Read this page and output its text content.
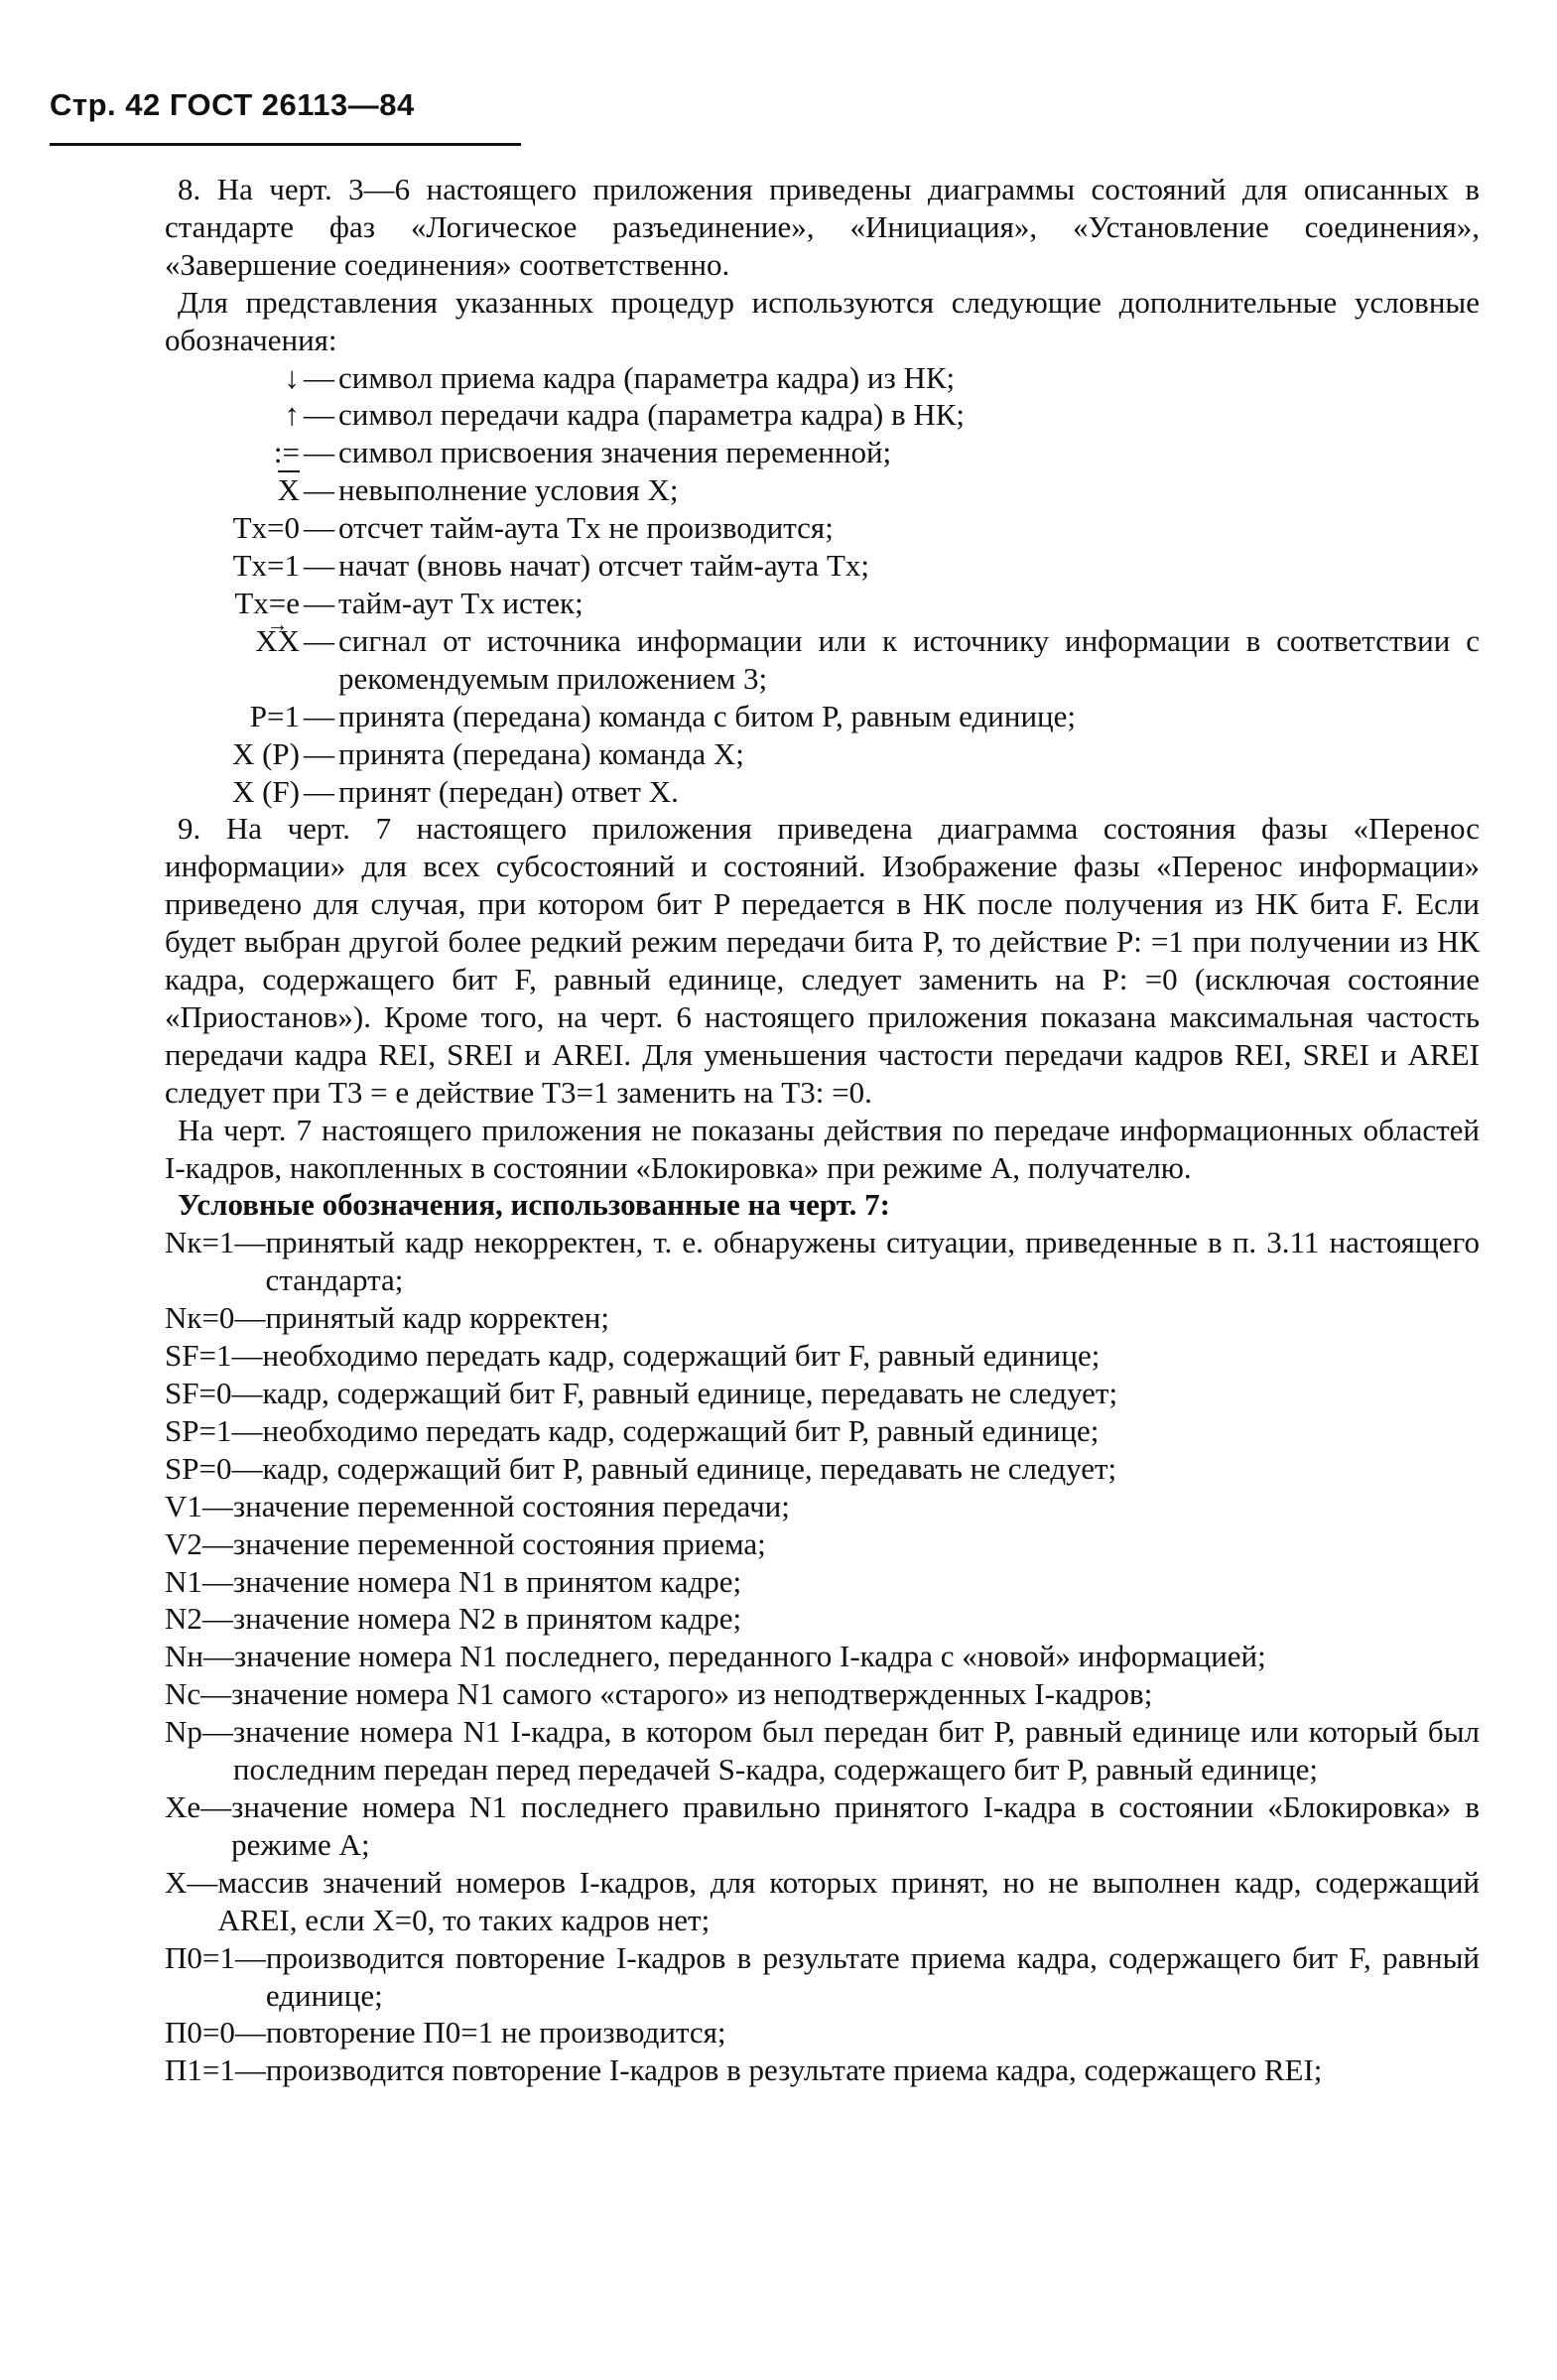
Стр. 42 ГОСТ 26113—84

8. На черт. 3—6 настоящего приложения приведены диаграммы состояний для описанных в стандарте фаз «Логическое разъединение», «Инициация», «Установление соединения», «Завершение соединения» соответственно.

Для представления указанных процедур используются следующие дополнительные условные обозначения:

↓ — символ приема кадра (параметра кадра) из НК;
↑ — символ передачи кадра (параметра кадра) в НК;
:= — символ присвоения значения переменной;
X — невыполнение условия X;
Tx=0 — отсчет тайм-аута Tx не производится;
Tx=1 — начат (вновь начат) отсчет тайм-аута Tx;
Tx=e — тайм-аут Tx истек;
→ XX — сигнал от источника информации или к источнику информации в соответствии с рекомендуемым приложением 3;
P=1 — принята (передана) команда с битом P, равным единице;
X (P) — принята (передана) команда X;
X (F) — принят (передан) ответ X.

9. На черт. 7 настоящего приложения приведена диаграмма состояния фазы «Перенос информации» для всех субсостояний и состояний. Изображение фазы «Перенос информации» приведено для случая, при котором бит P передается в НК после получения из НК бита F. Если будет выбран другой более редкий режим передачи бита P, то действие P: =1 при получении из НК кадра, содержащего бит F, равный единице, следует заменить на P: =0 (исключая состояние «Приостанов»). Кроме того, на черт. 6 настоящего приложения показана максимальная частость передачи кадра REI, SREI и AREI. Для уменьшения частости передачи кадров REI, SREI и AREI следует при T3 = e действие T3=1 заменить на T3: =0.

На черт. 7 настоящего приложения не показаны действия по передаче информационных областей I-кадров, накопленных в состоянии «Блокировка» при режиме А, получателю.

Условные обозначения, использованные на черт. 7:

Nк=1 — принятый кадр некорректен, т. е. обнаружены ситуации, приведенные в п. 3.11 настоящего стандарта;
Nк=0 — принятый кадр корректен;
SF=1 — необходимо передать кадр, содержащий бит F, равный единице;
SF=0 — кадр, содержащий бит F, равный единице, передавать не следует;
SP=1 — необходимо передать кадр, содержащий бит P, равный единице;
SP=0 — кадр, содержащий бит P, равный единице, передавать не следует;
V1 — значение переменной состояния передачи;
V2 — значение переменной состояния приема;
N1 — значение номера N1 в принятом кадре;
N2 — значение номера N2 в принятом кадре;
Nн — значение номера N1 последнего, переданного I-кадра с «новой» информацией;
Nс — значение номера N1 самого «старого» из неподтвержденных I-кадров;
Np — значение номера N1 I-кадра, в котором был передан бит P, равный единице или который был последним передан перед передачей S-кадра, содержащего бит P, равный единице;
Xe — значение номера N1 последнего правильно принятого I-кадра в состоянии «Блокировка» в режиме А;
X — массив значений номеров I-кадров, для которых принят, но не выполнен кадр, содержащий AREI, если X=0, то таких кадров нет;
П0=1 — производится повторение I-кадров в результате приема кадра, содержащего бит F, равный единице;
П0=0 — повторение П0=1 не производится;
П1=1 — производится повторение I-кадров в результате приема кадра, содержащего REI;
